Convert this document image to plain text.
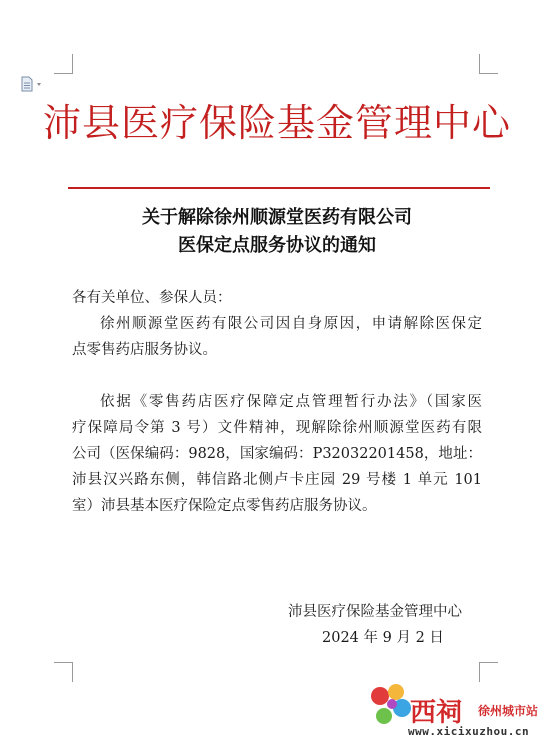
沛县医疗保险基金管理中心
关于解除徐州顺源堂医药有限公司
医保定点服务协议的通知
各有关单位、参保人员：
徐州顺源堂医药有限公司因自身原因，申请解除医保定
点零售药店服务协议。
依据《零售药店医疗保障定点管理暂行办法》（国家医
疗保障局令第 3 号）文件精神，现解除徐州顺源堂医药有限
公司（医保编码：9828，国家编码：P32032201458，地址：
沛县汉兴路东侧，韩信路北侧卢卡庄园 29 号楼 1 单元 101
室）沛县基本医疗保险定点零售药店服务协议。
沛县医疗保险基金管理中心
2024 年 9 月 2 日
西祠 徐州城市站
www.xicixuzhou.cn
